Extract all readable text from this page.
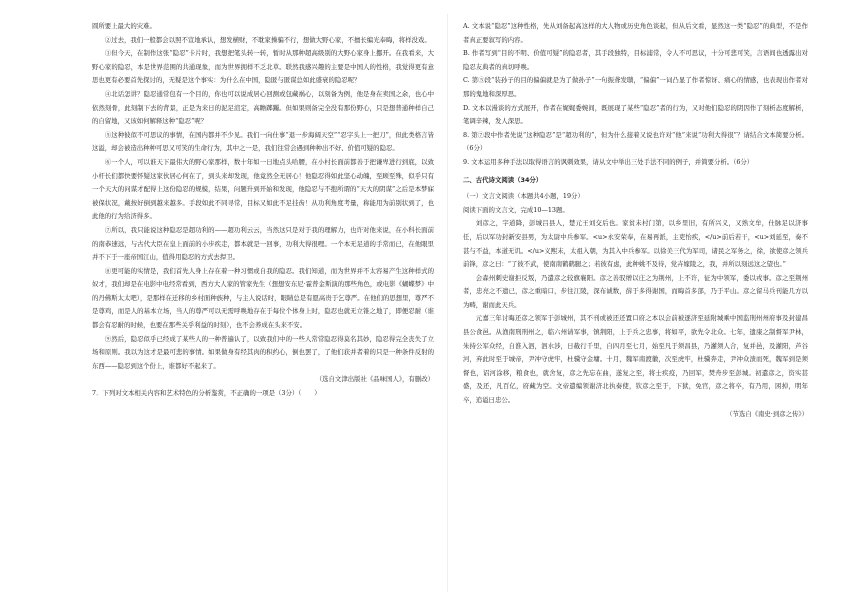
圆所要上最大的灾难。

②过去，我们一般都会以照不宣地承认，想发横财，不耽家操骗不行，想做大野心家，不擅长编光奉晦，将样没戏。

③但今天，在制作这张“隐忍”卡片时，我想把笔头转一转，暂时从那种超高级别的大野心家身上挪开。在我看来，大野心家的隐忍，本是世界范围的共通现象，而为世界拥样不乏北草。联然我感兴趣的主要是中国人的性格，我觉得更有意思也更有必要首先探讨的，无疑是这个事实：为什么在中国，隐匿与匿谋总如此盛衰的隐忍呢？

④北话怎讲？隐忍通常包有一个目的，你也可以说成居心回测或包藏祸心，以刻备为例，他是身在卖国之余，也心中依然刻骨，此刻制下去的背景，正是为来日的泥足渲定，高瞻踯躅。但如果则备完全没有那份野心，只是想普通种样自己的自留地，又该如何解释这种“隐忍”呢？

⑤这种彼似不可思议的事情，在国内都并不少见。我们一向仕事“退一步海阔天空”“忍字头上一把刀”，但此类格言皆这溢，却会被造出种种可思又可笑的生命行为，其中之一是，我们往常会遇到种种出不好、价值可疑的隐忍。

⑥一个人，可以谁天下最伟大的野心家那样，数十年如一日地点头哈腰，在小村长面前都善于把谦卑进行到底，以致小杆长们都快要怀疑这家伙居心何在了，到头来却发现，他竟然全无居心！他隐忍得如此坚心动魄，至顾至殊，似乎只有一个天大的问谋才配得上这份隐忍的规模，结果，问题升到开始和发现，他隐忍与不抱所谓的“天大的阴谋”之后是本梦寐被保状况，戴按好倒到越来越多。手段如此不同寻常，目标又如此不足挂齿！从功利角度考量，称能用为前别状到了，也此他的行为给济得多。

⑦所以，我只能说这种隐忍是超功利的——超功利云云，当然这只是对于我的理解力，也许对他来说，在小科长面前的南恭速远，与古代大臣在皇上面前的小步疾走，都本就是一回事，功利大得很哩。一个本无足道的手常而已，在他眼里并不下于一座帝国江山，值得用隐忍的方式去捍卫。

⑧更可能的实情是，我们首先人身上存在着一种习惯或自我的隐忍。我们知道，而为世界并不太容易产生这种样式的奴才，我们却是在电影中电经常看到，西方大人家的管家先生（想想安东尼·霍普金斯演的那些角色，或电影《蝴蝶梦》中的丹佛斯太太吧），是那样在迁移的乡村面种族种，与主人说话时，眼睛总是有愿高贵于乞尊严。在他们的思想里，尊严不是尊鸡，而是人的基本立场，当人的尊严可以无需呼唤地存在于每位个体身上时，隐忍也就无立锥之地了，即便忍耐（谁都会有忍耐的时候，也要在那些关乎利益的时刻），也不会养成在头来不安。

⑨然后，隐忍似乎已经成了某些人的一种普遍认了，以致我们中的一些人常常隐忍得莫名其妙，隐忍得完全丧失了立场和原则。我以为这才是最可悲的事情。如果做身有经其肉的积约心，倒也罢了，了他们获并者着的只是一种条件反射的东西——隐忍到这个份上，谁都好不起来了。

（选自文津出版社《品味国人》，有删改）

7．下列对文本相关内容和艺术特色的分析鉴赏，不正确的一项是（3分）（　　）

A. 文本说“隐忍”这种性格，先从刘备起高这样的大人物或历史角色谈起，但从后文看，显然这一类“隐忍”的典型，不是作者真正要叙写的内容。

B. 作者写到“目的不明、价值可疑”的隐忍者，其手段独特，目标浦常，令人不可思议，十分可悲可笑，言语间也透露出对隐忍友典者的真切呼唤。

C. 第⑤段“装孙子的目的偏偏就是为了做孙子”一句振聋发聩，“偏偏”一词凸显了作者惊讶、痛心的情感，也表现出作者对那的鬼地和深厚思。

D. 文本以漫谈的方式展开，作者在娓娓委婉间，既展现了某些“隐忍”者的行为，又对他们隐忍的阴因作了刻析态度解析，笔调辛辣，发人深思。

8. 第⑦段中作者先说“这种隐忍”是“超功利的”，但为什么接着又说也许对“他”来说“功利大得很”？请结合文本简要分析。（6分）

9. 文本运用多种手法以取得语言的讽刺效果，请从文中举出三处手法不同的例子，并简要分析。（6分）

二、古代诗文阅读（34分）

（一）文言文阅读（本题共4小题，19分）

阅读下面的文言文，完成10—13题。

刘彦之，字道降，彭城吕县人，楚元王刘交后也。家贫未村门第，以乡里旧，有所兴义，又熟文牟，仕脉足以济事任，后以军功封新安县男，为太尉中兵参军。<u>永安荣奉，在易再派，主吏怡疾，</u>前后若干，<u>刘延至，奏不甚与不益，本道无讥。</u>义熙末，太祖入朝，为其入中兵参军。以徐美三代为军司，诸民之军务之，徐，欲使彦之领兵前锋，彦之曰：“了彼不武，使南南鹤鹤腿之；若彼有虑，此种姚不及待，党卉嫁陵之，我，并所以刻远这之望也。”

会森州刺史谢拒反叛，乃遣彦之较旗襄阳。彦之善驭缯以庄之为荆州，上不许，征为中领军，委以戎事。彦之至荆州者，忠亮之不遗已，彦之重暗口，步往江陵，深布诚数，薛于多得谢国，而晦首多部，乃于平山。彦之留马兵刊能几方以为畴，谢而此天兵。

元嘉三年讨晦还彦之领军于彭城州，其不刊或被还还置口府之本以会前被逐济至延附城乘中国监刑州州府事及封建昌县公食邑。从渔南刑刑州之，临六州请军事，镇荆阳，上于兵之忠事，将如平，欲先令北众。七年，遗康之制督军尹林，朱持公军众经，自淮入泗，泗水涉，日截行千里，自四月至七月，始至凡于须昌县，乃灌须人合，复并邑，及灌阳，芦谷河，弃此时至于城帝，尹冲守虎牢，杜骥守金墉。十月，魏军南渡徽，次至虎牢，杜骥奔走，尹冲众溃而死，魏军到是须督也，诏河涂移，粮食也，就舍复，彦之先忘在曲，遂复之至，将士疾疫，乃回军，焚舟步至彭城。初遣彦之，资实甚盛，及还，凡百亿，府藏为空。文帝遣编领谢济北执奏使，钦彦之至于，下狱，免官，彦之将卒，有乃用，困掉，明年卒，追谥曰忠公。

（节选自《南史·到彦之传》）
